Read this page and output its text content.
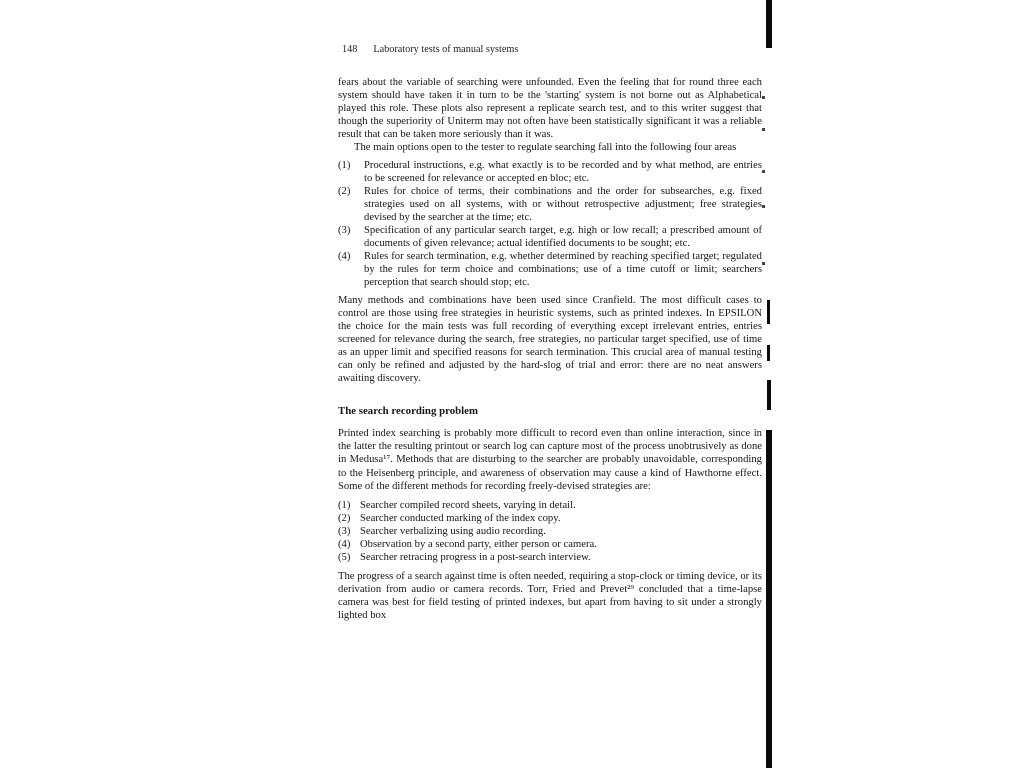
148 Laboratory tests of manual systems

fears about the variable of searching were unfounded. Even the feeling that for round three each system should have taken it in turn to be the 'starting' system is not borne out as Alphabetical played this role. These plots also represent a replicate search test, and to this writer suggest that though the superiority of Uniterm may not often have been statistically significant it was a reliable result that can be taken more seriously than it was.

The main options open to the tester to regulate searching fall into the following four areas

(1)	Procedural instructions, e.g. what exactly is to be recorded and by what method, are entries to be screened for relevance or accepted en bloc; etc.
(2)	Rules for choice of terms, their combinations and the order for subsearches, e.g. fixed strategies used on all systems, with or without retrospective adjustment; free strategies devised by the searcher at the time; etc.
(3)	Specification of any particular search target, e.g. high or low recall; a prescribed amount of documents of given relevance; actual identified documents to be sought; etc.
(4)	Rules for search termination, e.g. whether determined by reaching specified target; regulated by the rules for term choice and combinations; use of a time cutoff or limit; searchers perception that search should stop; etc.

Many methods and combinations have been used since Cranfield. The most difficult cases to control are those using free strategies in heuristic systems, such as printed indexes. In EPSILON the choice for the main tests was full recording of everything except irrelevant entries, entries screened for relevance during the search, free strategies, no particular target specified, use of time as an upper limit and specified reasons for search termination. This crucial area of manual testing can only be refined and adjusted by the hard-slog of trial and error: there are no neat answers awaiting discovery.

The search recording problem

Printed index searching is probably more difficult to record even than online interaction, since in the latter the resulting printout or search log can capture most of the process unobtrusively as done in Medusa¹⁷. Methods that are disturbing to the searcher are probably unavoidable, corresponding to the Heisenberg principle, and awareness of observation may cause a kind of Hawthorne effect. Some of the different methods for recording freely-devised strategies are:

(1) Searcher compiled record sheets, varying in detail.
(2) Searcher conducted marking of the index copy.
(3) Searcher verbalizing using audio recording.
(4) Observation by a second party, either person or camera.
(5) Searcher retracing progress in a post-search interview.

The progress of a search against time is often needed, requiring a stop-clock or timing device, or its derivation from audio or camera records. Torr, Fried and Prevet²⁹ concluded that a time-lapse camera was best for field testing of printed indexes, but apart from having to sit under a strongly lighted box
